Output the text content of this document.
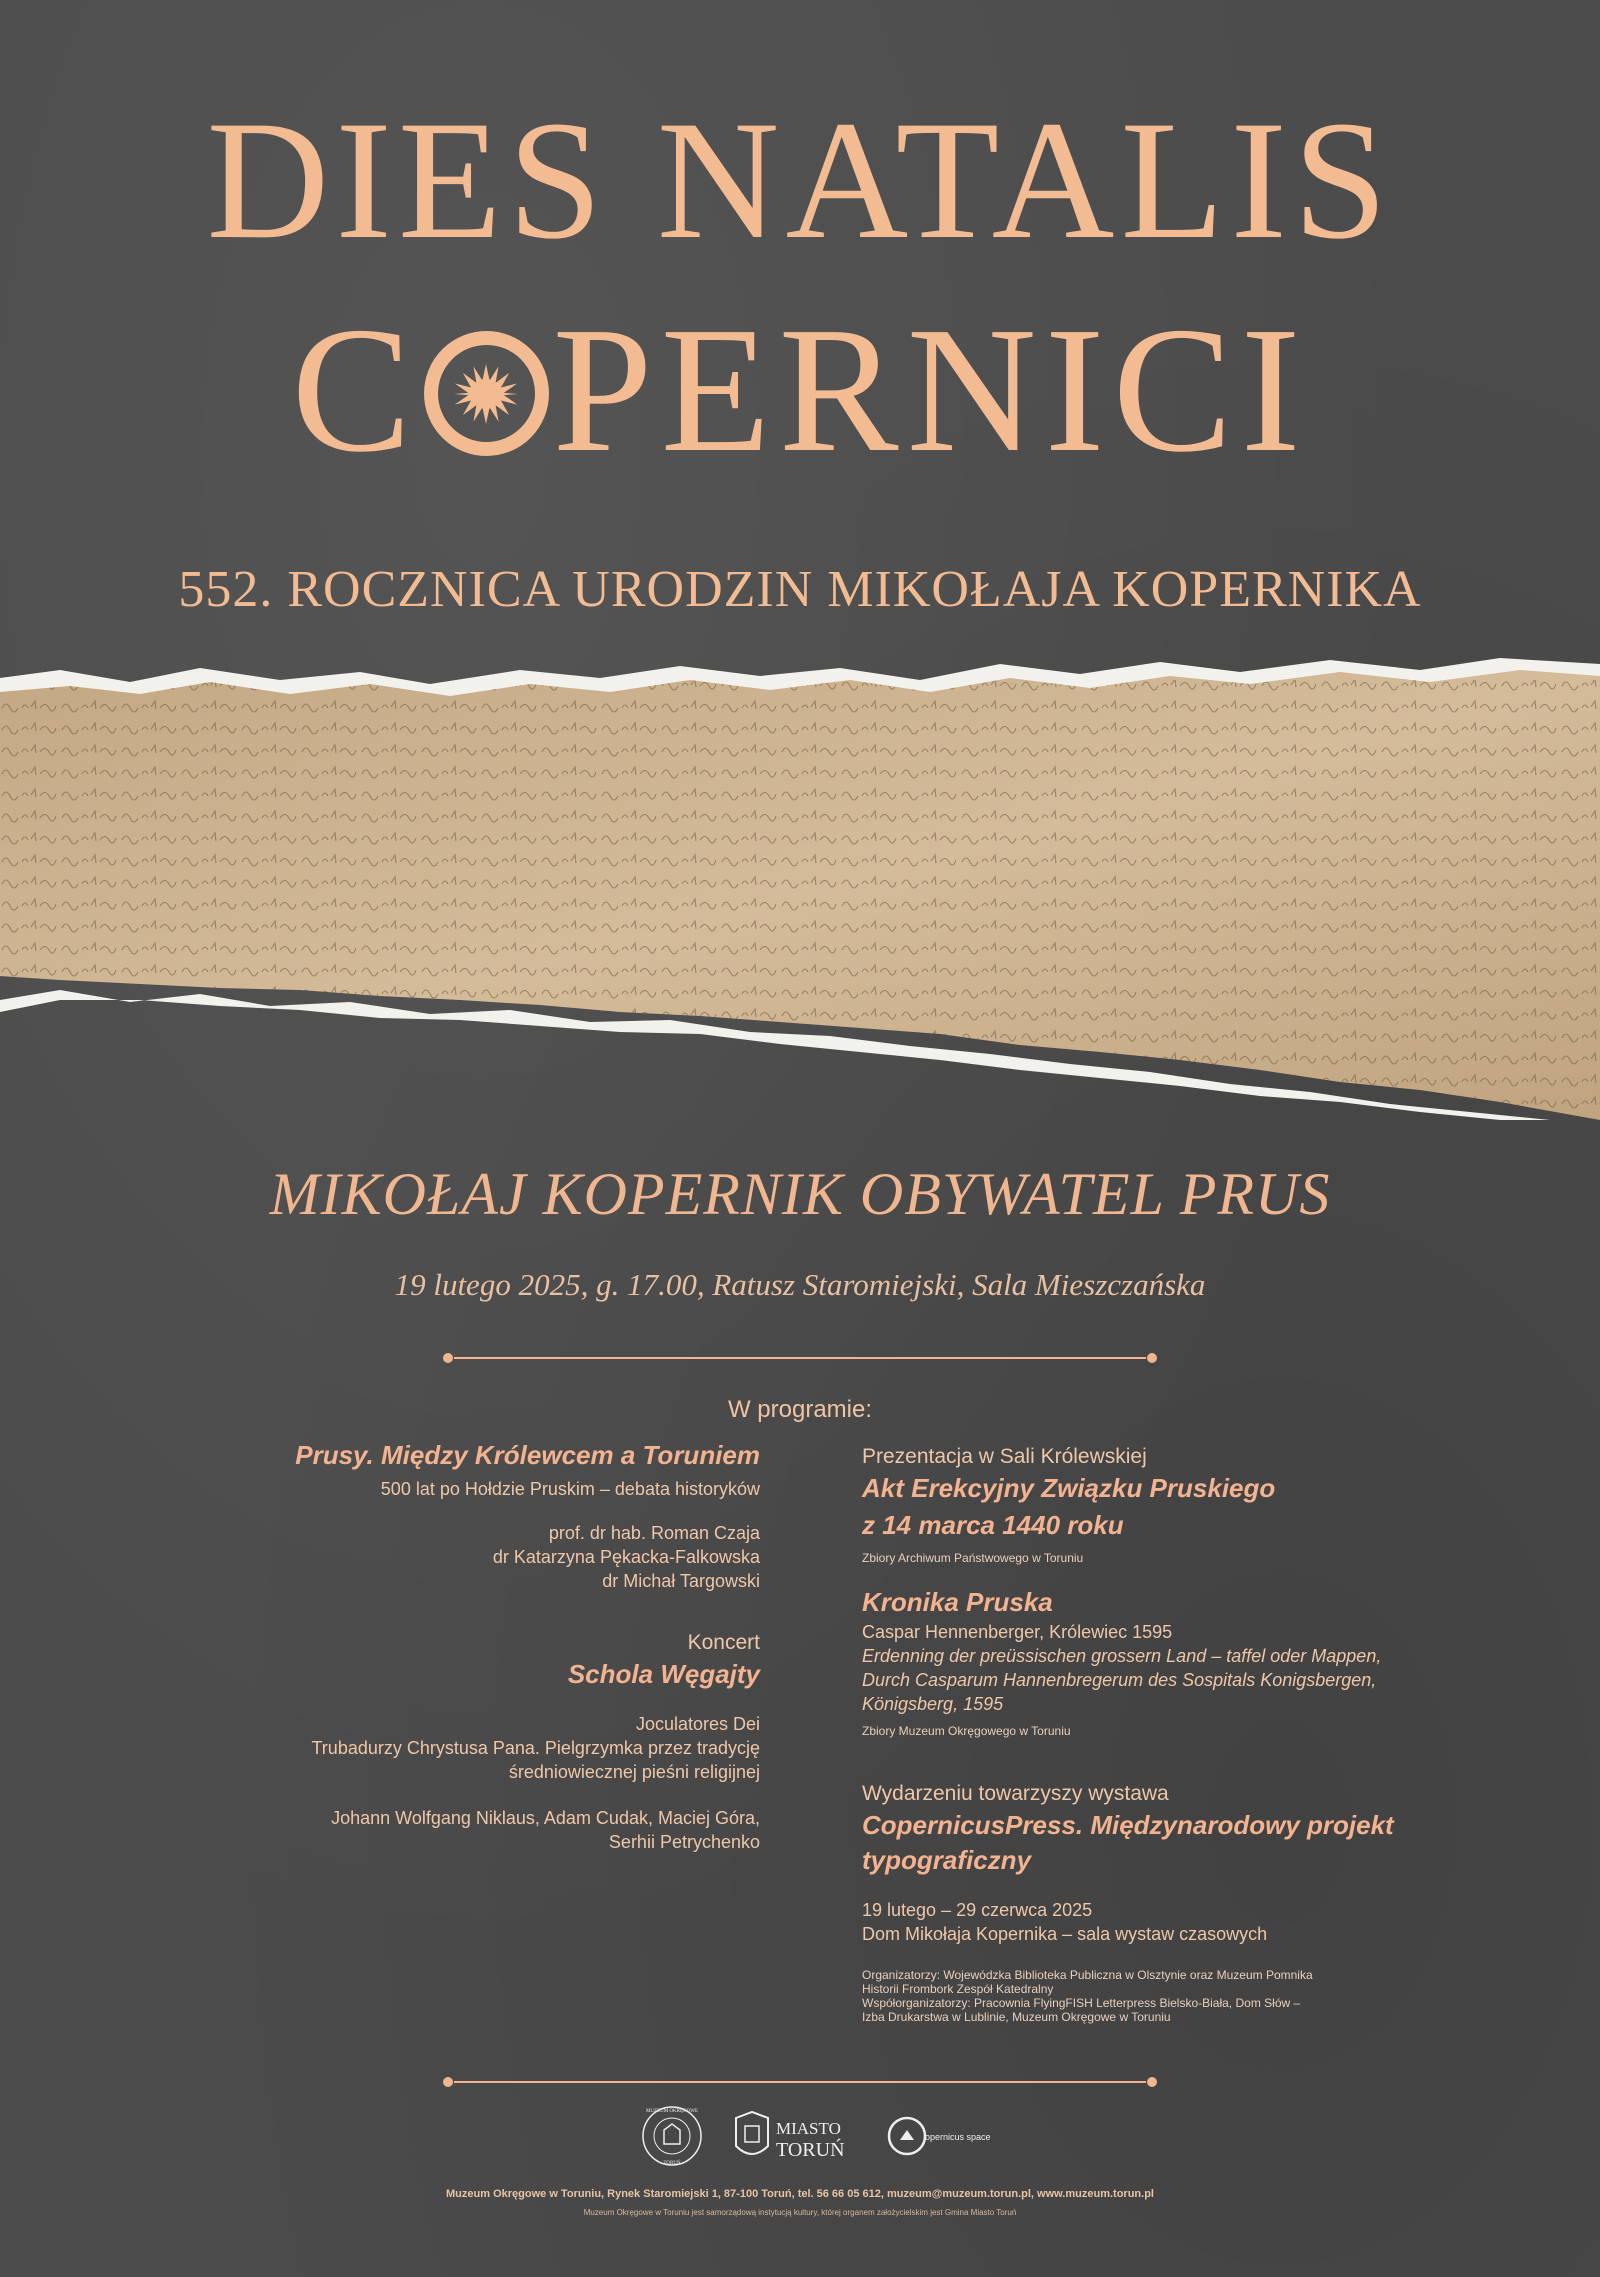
DIES NATALIS
C PERNICI
552. ROCZNICA URODZIN MIKOŁAJA KOPERNIKA
MIKOŁAJ KOPERNIK OBYWATEL PRUS
19 lutego 2025, g. 17.00, Ratusz Staromiejski, Sala Mieszczańska
W programie:

Prusy. Między Królewcem a Toruniem

500 lat po Hołdzie Pruskim – debata historyków

prof. dr hab. Roman Czaja

dr Katarzyna Pękacka-Falkowska

dr Michał Targowski

Koncert

Schola Węgajty

Joculatores Dei

Trubadurzy Chrystusa Pana. Pielgrzymka przez tradycję

średniowiecznej pieśni religijnej

Johann Wolfgang Niklaus, Adam Cudak, Maciej Góra,

Serhii Petrychenko

Prezentacja w Sali Królewskiej

Akt Erekcyjny Związku Pruskiego

z 14 marca 1440 roku

Zbiory Archiwum Państwowego w Toruniu

Kronika Pruska

Caspar Hennenberger, Królewiec 1595

Erdenning der preüssischen grossern Land – taffel oder Mappen,

Durch Casparum Hannenbregerum des Sospitals Konigsbergen,

Königsberg, 1595

Zbiory Muzeum Okręgowego w Toruniu

Wydarzeniu towarzyszy wystawa

CopernicusPress. Międzynarodowy projekt

typograficzny

19 lutego – 29 czerwca 2025

Dom Mikołaja Kopernika – sala wystaw czasowych

Organizatorzy: Wojewódzka Biblioteka Publiczna w Olsztynie oraz Muzeum Pomnika

Historii Frombork Zespół Katedralny

Współorganizatorzy: Pracownia FlyingFISH Letterpress Bielsko-Biała, Dom Słów –

Izba Drukarstwa w Lublinie, Muzeum Okręgowe w Toruniu

MUZEUM OKRĘGOWE
TORUŃ
MIASTO
TORUŃ
opernicus space
Muzeum Okręgowe w Toruniu, Rynek Staromiejski 1, 87-100 Toruń, tel. 56 66 05 612, muzeum@muzeum.torun.pl, www.muzeum.torun.pl
Muzeum Okręgowe w Toruniu jest samorządową instytucją kultury, której organem założycielskim jest Gmina Miasto Toruń
